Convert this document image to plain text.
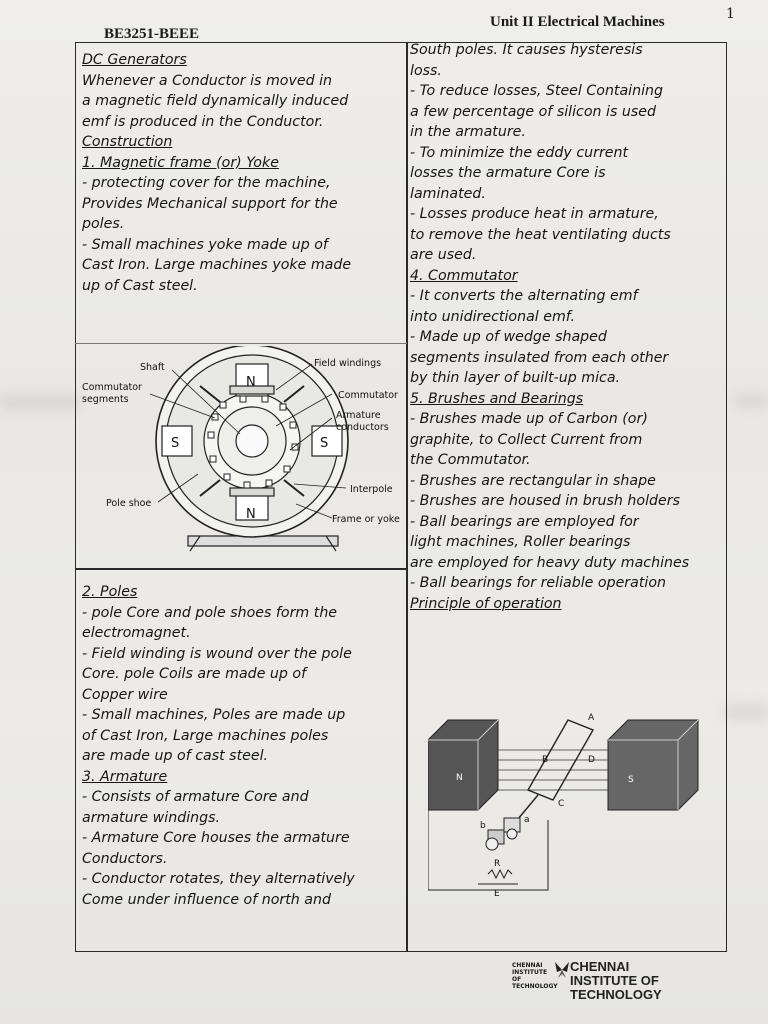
BE3251-BEEE
Unit II Electrical Machines	1
DC Generators
Whenever a Conductor is moved in
a magnetic field dynamically induced
emf is produced in the Conductor.
Construction
1. Magnetic frame (or) Yoke
- protecting cover for the machine,
Provides Mechanical support for the
poles.
- Small machines yoke made up of
Cast Iron. Large machines yoke made
up of Cast steel.
Shaft	Field windings
Commutator
segments	Commutator
Armature
conductors
Interpole
Pole shoe
Frame or yoke
N
N
S	S
2. Poles
- pole Core and pole shoes form the
electromagnet.
- Field winding is wound over the pole
Core. pole Coils are made up of
Copper wire
- Small machines, Poles are made up
of Cast Iron, Large machines poles
are made up of cast steel.
3. Armature
- Consists of armature Core and
armature windings.
- Armature Core houses the armature
Conductors.
- Conductor rotates, they alternatively
Come under influence of north and
South poles. It causes hysteresis
loss.
- To reduce losses, Steel Containing
a few percentage of silicon is used
in the armature.
- To minimize the eddy current
losses the armature Core is
laminated.
- Losses produce heat in armature,
to remove the heat ventilating ducts
are used.
4. Commutator
- It converts the alternating emf
into unidirectional emf.
- Made up of wedge shaped
segments insulated from each other
by thin layer of built-up mica.
5. Brushes and Bearings
- Brushes made up of Carbon (or)
graphite, to Collect Current from
the Commutator.
- Brushes are rectangular in shape
- Brushes are housed in brush holders
- Ball bearings are employed for
light machines, Roller bearings
are employed for heavy duty machines
- Ball bearings for reliable operation
Principle of operation
N	S
A
B	D
C
a
b
R
E
CHENNAI
INSTITUTE OF
TECHNOLOGY
CHENNAI
INSTITUTE OF TECHNOLOGY
